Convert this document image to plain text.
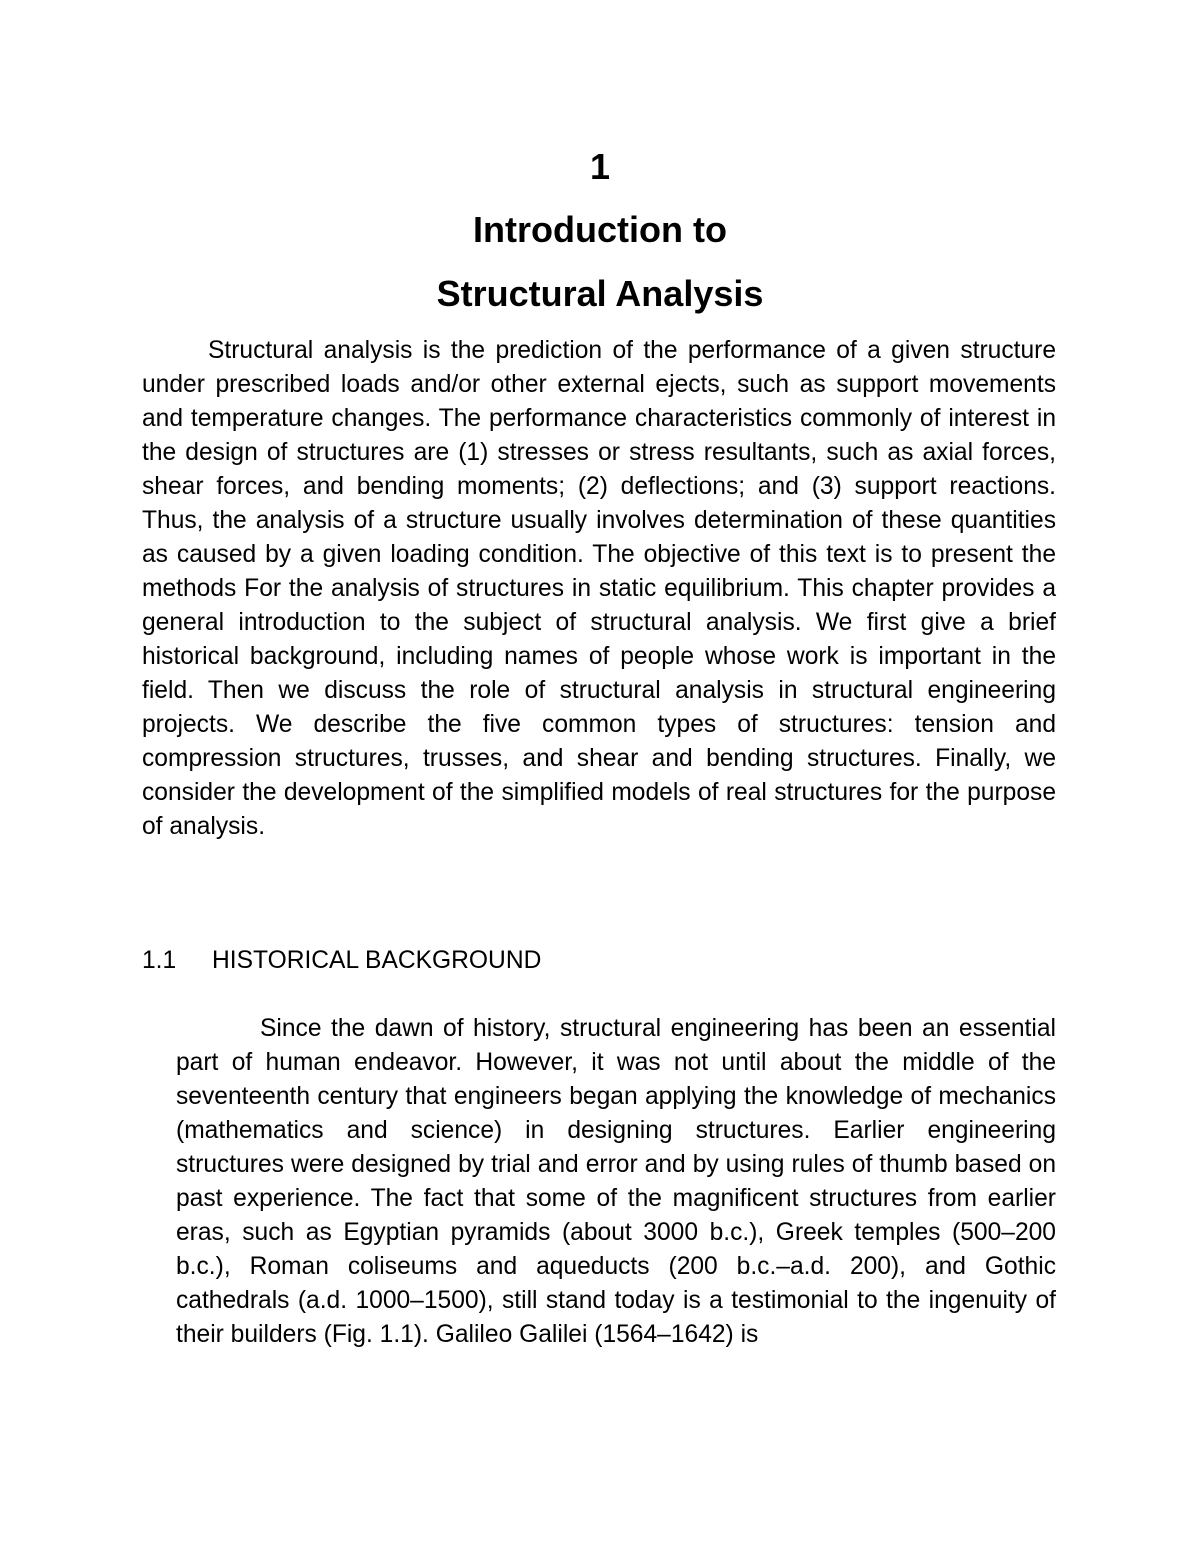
1
Introduction to
Structural Analysis

Structural analysis is the prediction of the performance of a given structure under prescribed loads and/or other external ejects, such as support movements and temperature changes. The performance characteristics commonly of interest in the design of structures are (1) stresses or stress resultants, such as axial forces, shear forces, and bending moments; (2) deflections; and (3) support reactions. Thus, the analysis of a structure usually involves determination of these quantities as caused by a given loading condition. The objective of this text is to present the methods For the analysis of structures in static equilibrium. This chapter provides a general introduction to the subject of structural analysis. We first give a brief historical background, including names of people whose work is important in the field. Then we discuss the role of structural analysis in structural engineering projects. We describe the five common types of structures: tension and compression structures, trusses, and shear and bending structures. Finally, we consider the development of the simplified models of real structures for the purpose of analysis.

1.1 HISTORICAL BACKGROUND

Since the dawn of history, structural engineering has been an essential part of human endeavor. However, it was not until about the middle of the seventeenth century that engineers began applying the knowledge of mechanics (mathematics and science) in designing structures. Earlier engineering structures were designed by trial and error and by using rules of thumb based on past experience. The fact that some of the magnificent structures from earlier eras, such as Egyptian pyramids (about 3000 b.c.), Greek temples (500–200 b.c.), Roman coliseums and aqueducts (200 b.c.–a.d. 200), and Gothic cathedrals (a.d. 1000–1500), still stand today is a testimonial to the ingenuity of their builders (Fig. 1.1). Galileo Galilei (1564–1642) is
